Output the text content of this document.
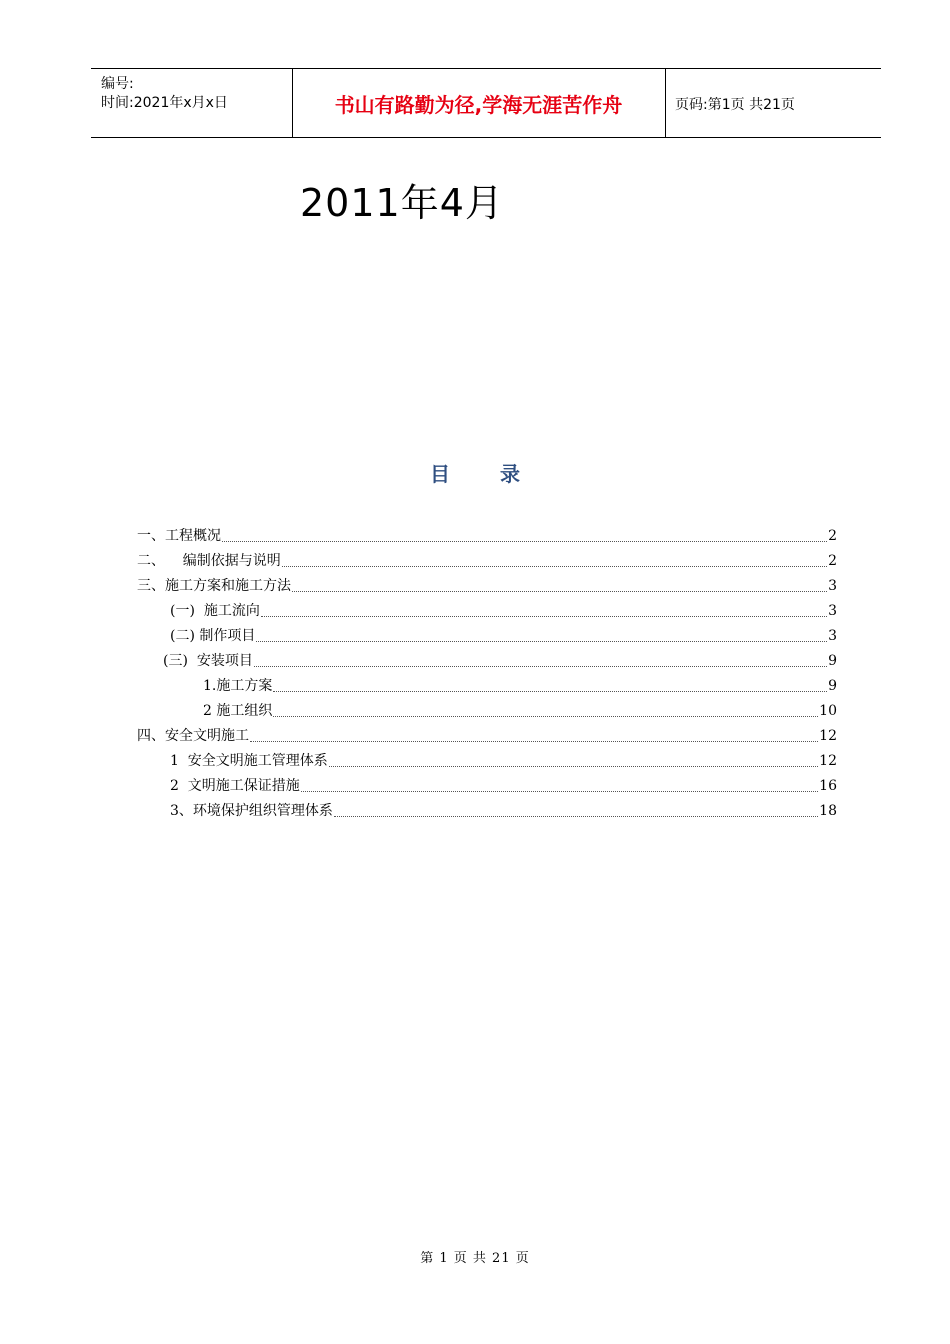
编号:
时间:2021年x月x日	书山有路勤为径,学海无涯苦作舟	页码:第1页 共21页
2011年4月
目	录
一、工程概况	2
二、    编制依据与说明	2
三、施工方案和施工方法	3
(一)  施工流向	3
(二) 制作项目	3
(三)  安装项目	9
1.施工方案	9
2 施工组织	10
四、安全文明施工	12
1  安全文明施工管理体系	12
2  文明施工保证措施	16
3、环境保护组织管理体系	18
第 1 页 共 21 页
